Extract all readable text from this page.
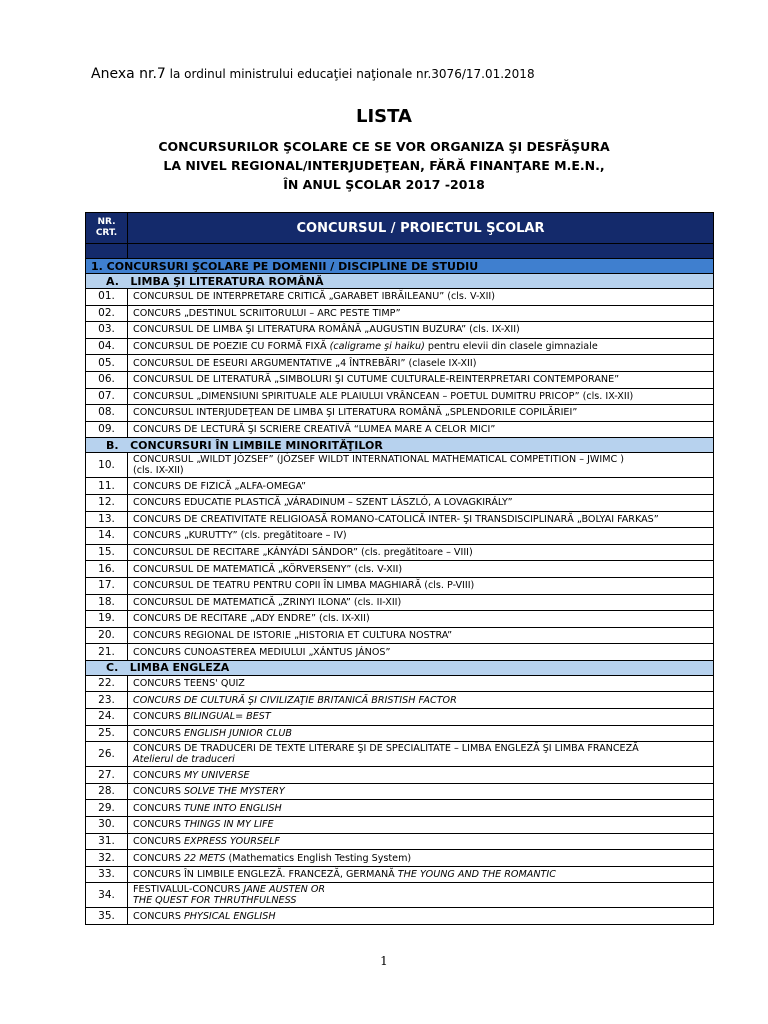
Anexa nr.7 la ordinul ministrului educaţiei naţionale nr.3076/17.01.2018
LISTA
CONCURSURILOR ŞCOLARE CE SE VOR ORGANIZA ŞI DESFĂŞURA
LA NIVEL REGIONAL/INTERJUDEŢEAN, FĂRĂ FINANŢARE M.E.N.,
ÎN ANUL ŞCOLAR 2017 -2018
NR.
CRT.	CONCURSUL / PROIECTUL ŞCOLAR

1. CONCURSURI ŞCOLARE PE DOMENII / DISCIPLINE DE STUDIU	
A. LIMBA ŞI LITERATURA ROMÂNĂ	
01.	CONCURSUL DE INTERPRETARE CRITICĂ „GARABET IBRĂILEANU” (cls. V-XII)
02.	CONCURS „DESTINUL SCRIITORULUI – ARC PESTE TIMP”
03.	CONCURSUL DE LIMBA ŞI LITERATURA ROMÂNĂ „AUGUSTIN BUZURA” (cls. IX-XII)
04.	CONCURSUL DE POEZIE CU FORMĂ FIXĂ (caligrame şi haiku) pentru elevii din clasele gimnaziale
05.	CONCURSUL DE ESEURI ARGUMENTATIVE „4 ÎNTREBĂRI” (clasele IX-XII)
06.	CONCURSUL DE LITERATURĂ „SIMBOLURI ŞI CUTUME CULTURALE-REINTERPRETARI CONTEMPORANE”
07.	CONCURSUL „DIMENSIUNI SPIRITUALE ALE PLAIULUI VRÂNCEAN – POETUL DUMITRU PRICOP” (cls. IX-XII)
08.	CONCURSUL INTERJUDEŢEAN DE LIMBA ŞI LITERATURA ROMÂNĂ „SPLENDORILE COPILĂRIEI”
09.	CONCURS DE LECTURĂ ŞI SCRIERE CREATIVĂ “LUMEA MARE A CELOR MICI”
B. CONCURSURI ÎN LIMBILE MINORITĂŢILOR	
10.	CONCURSUL „WILDT JÓZSEF” (JÓZSEF WILDT INTERNATIONAL MATHEMATICAL COMPETITION – JWIMC )
(cls. IX-XII)

11.	CONCURS DE FIZICĂ „ALFA-OMEGA”
12.	CONCURS EDUCATIE PLASTICĂ „VÁRADINUM – SZENT LÁSZLÓ, A LOVAGKIRÁLY”
13.	CONCURS DE CREATIVITATE RELIGIOASĂ ROMANO-CATOLICĂ INTER- ŞI TRANSDISCIPLINARĂ „BOLYAI FARKAS”
14.	CONCURS „KURUTTY” (cls. pregătitoare – IV)
15.	CONCURSUL DE RECITARE „KÁNYÁDI SÁNDOR” (cls. pregătitoare – VIII)
16.	CONCURSUL DE MATEMATICĂ „KÖRVERSENY” (cls. V-XII)
17.	CONCURSUL DE TEATRU PENTRU COPII ÎN LIMBA MAGHIARĂ (cls. P-VIII)
18.	CONCURSUL DE MATEMATICĂ „ZRINYI ILONA” (cls. II-XII)
19.	CONCURS DE RECITARE „ADY ENDRE” (cls. IX-XII)
20.	CONCURS REGIONAL DE ISTORIE „HISTORIA ET CULTURA NOSTRA”
21.	CONCURS CUNOASTEREA MEDIULUI „XÁNTUS JÁNOS”
C. LIMBA ENGLEZA	
22.	CONCURS TEENS' QUIZ
23.	CONCURS DE CULTURĂ ŞI CIVILIZAŢIE BRITANICĂ BRISTISH FACTOR
24.	CONCURS BILINGUAL= BEST
25.	CONCURS ENGLISH JUNIOR CLUB
26.	CONCURS DE TRADUCERI DE TEXTE LITERARE ŞI DE SPECIALITATE – LIMBA ENGLEZĂ ŞI LIMBA FRANCEZĂ
Atelierul de traduceri

27.	CONCURS MY UNIVERSE
28.	CONCURS SOLVE THE MYSTERY
29.	CONCURS TUNE INTO ENGLISH
30.	CONCURS THINGS IN MY LIFE
31.	CONCURS EXPRESS YOURSELF
32.	CONCURS 22 METS (Mathematics English Testing System)
33.	CONCURS ÎN LIMBILE ENGLEZĂ. FRANCEZĂ, GERMANĂ THE YOUNG AND THE ROMANTIC
34.	FESTIVALUL-CONCURS JANE AUSTEN OR
THE QUEST FOR THRUTHFULNESS

35.	CONCURS PHYSICAL ENGLISH
1
